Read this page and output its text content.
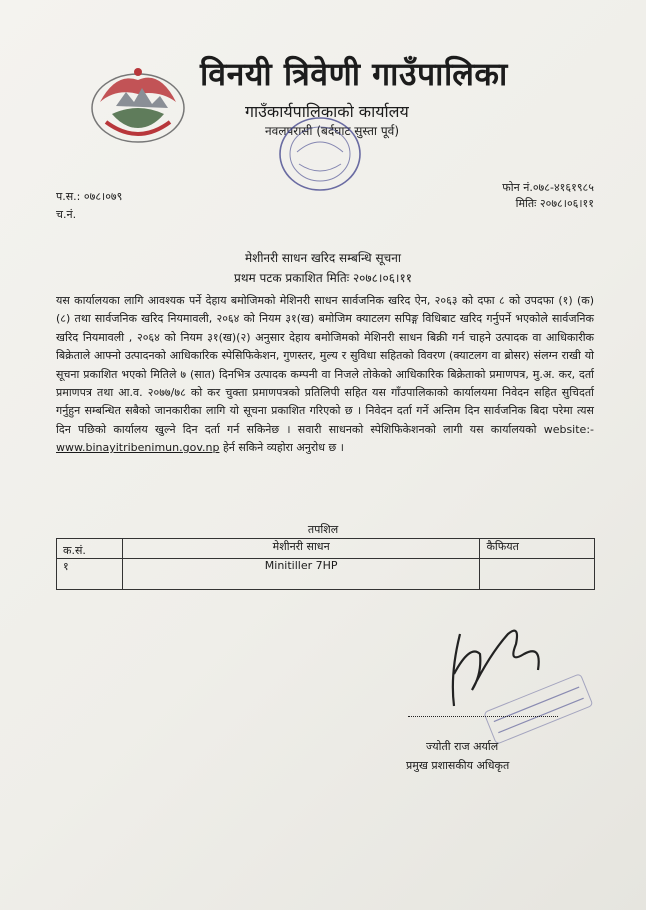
विनयी त्रिवेणी गाउँपालिका
गाउँकार्यपालिकाको कार्यालय
नवलपरासी (बर्दघाट सुस्ता पूर्व)
प.स.: ०७८।०७९
च.नं.
फोन नं.०७८-४१६१९८५
मितिः २०७८।०६।११
मेशीनरी साधन खरिद सम्बन्धि सूचना
प्रथम पटक प्रकाशित मितिः २०७८।०६।११
यस कार्यालयका लागि आवश्यक पर्ने देहाय बमोजिमको मेशिनरी साधन सार्वजनिक खरिद ऐन, २०६३ को दफा ८ को उपदफा (१) (क) (८) तथा सार्वजनिक खरिद नियमावली, २०६४ को नियम ३१(ख) बमोजिम क्याटलग सपिङ्ग विधिबाट खरिद गर्नुपर्ने भएकोले सार्वजनिक खरिद नियमावली , २०६४ को नियम ३१(ख)(२) अनुसार देहाय बमोजिमको मेशिनरी साधन बिक्री गर्न चाहने उत्पादक वा आधिकारीक बिक्रेताले आफ्नो उत्पादनको आधिकारिक स्पेसिफिकेशन, गुणस्तर, मुल्य र सुविधा सहितको विवरण (क्याटलग वा ब्रोसर) संलग्न राखी यो सूचना प्रकाशित भएको मितिले ७ (सात) दिनभित्र उत्पादक कम्पनी वा निजले तोकेको आधिकारिक बिक्रेताको प्रमाणपत्र, मु.अ. कर, दर्ता प्रमाणपत्र तथा आ.व. २०७७/७८ को कर चुक्ता प्रमाणपत्रको प्रतिलिपी सहित यस गाँउपालिकाको कार्यालयमा निवेदन सहित सुचिदर्ता गर्नुहुन सम्बन्धित सबैको जानकारीका लागि यो सूचना प्रकाशित गरिएको छ । निवेदन दर्ता गर्ने अन्तिम दिन सार्वजनिक बिदा परेमा त्यस दिन पछिको कार्यालय खुल्ने दिन दर्ता गर्न सकिनेछ । सवारी साधनको स्पेशिफिकेशनको लागी यस कार्यालयको website:- www.binayitribenimun.gov.np हेर्न सकिने व्यहोरा अनुरोध छ ।
तपशिल
क.सं.	मेशीनरी साधन	कैफियत
१	Minitiller 7HP	
ज्योती राज अर्याल
प्रमुख प्रशासकीय अधिकृत
